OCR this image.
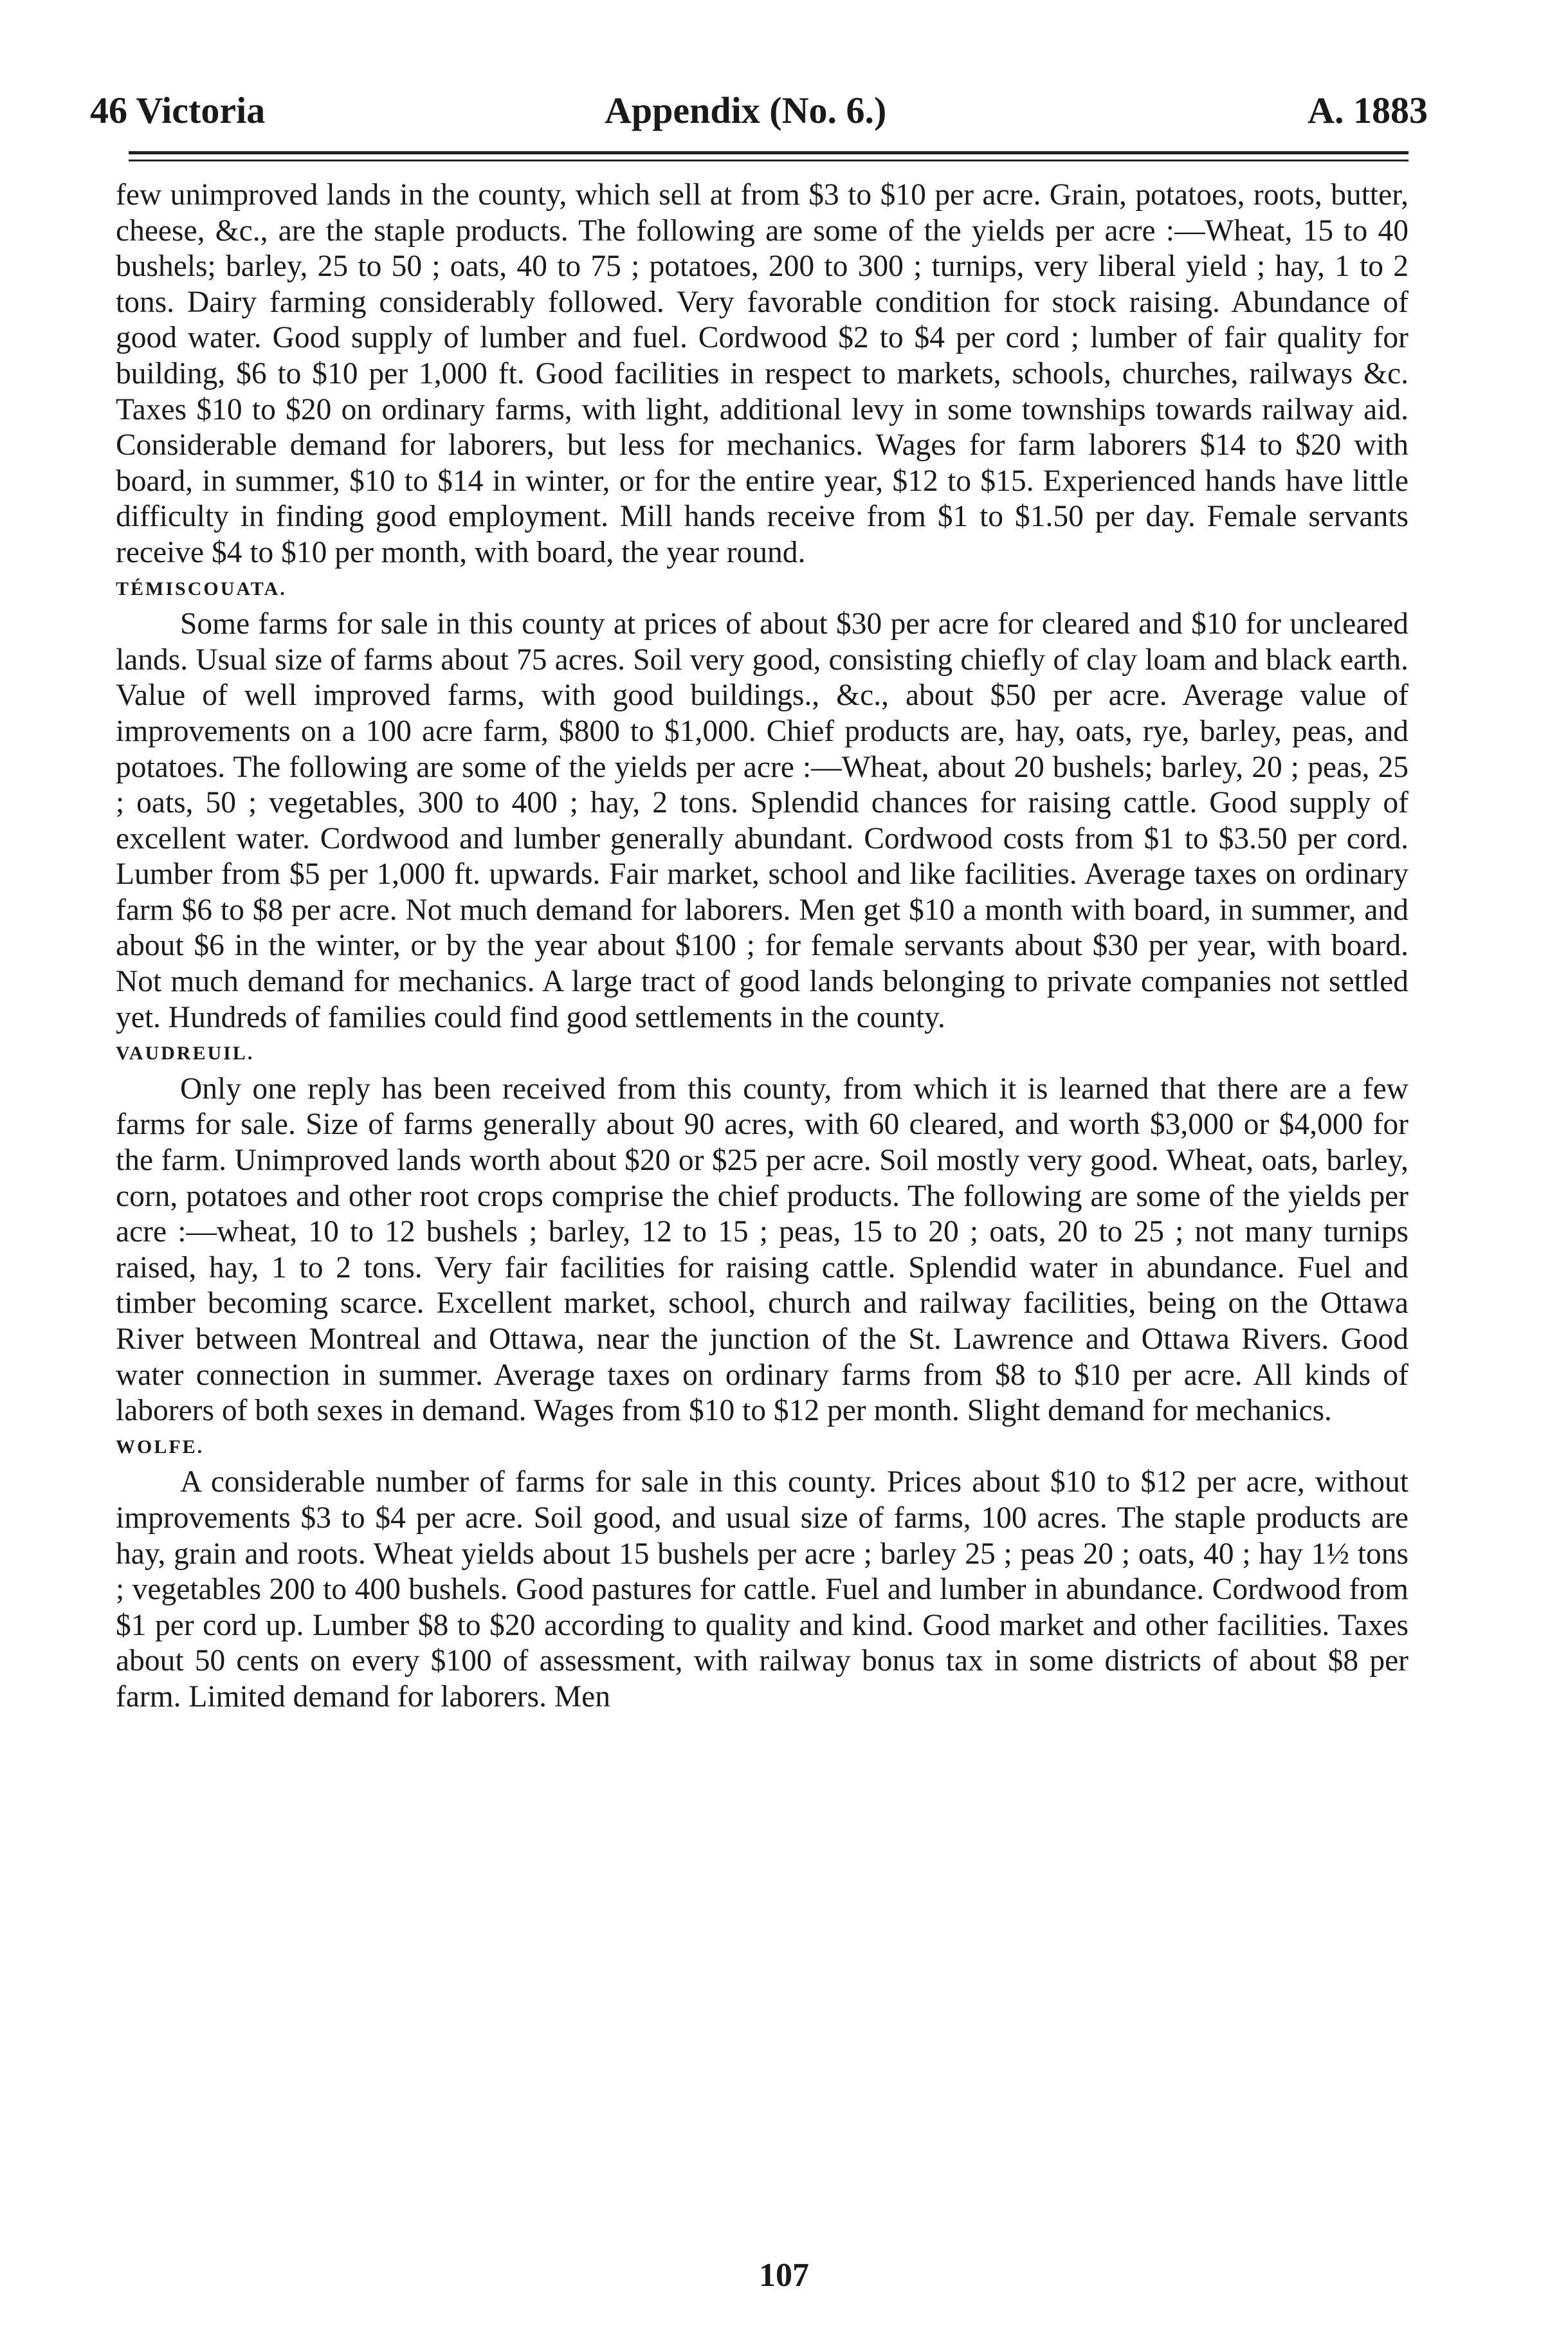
46 Victoria	Appendix (No. 6.)	A. 1883

few unimproved lands in the county, which sell at from $3 to $10 per acre. Grain, potatoes, roots, butter, cheese, &c., are the staple products. The following are some of the yields per acre :—Wheat, 15 to 40 bushels; barley, 25 to 50 ; oats, 40 to 75 ; potatoes, 200 to 300 ; turnips, very liberal yield ; hay, 1 to 2 tons. Dairy farming considerably followed. Very favorable condition for stock raising. Abundance of good water. Good supply of lumber and fuel. Cordwood $2 to $4 per cord ; lumber of fair quality for building, $6 to $10 per 1,000 ft. Good facilities in respect to markets, schools, churches, railways &c. Taxes $10 to $20 on ordinary farms, with light, additional levy in some townships towards railway aid. Considerable demand for laborers, but less for mechanics. Wages for farm laborers $14 to $20 with board, in summer, $10 to $14 in winter, or for the entire year, $12 to $15. Experienced hands have little difficulty in finding good employment. Mill hands receive from $1 to $1.50 per day. Female servants receive $4 to $10 per month, with board, the year round.

TÉMISCOUATA.

Some farms for sale in this county at prices of about $30 per acre for cleared and $10 for uncleared lands. Usual size of farms about 75 acres. Soil very good, consisting chiefly of clay loam and black earth. Value of well improved farms, with good buildings., &c., about $50 per acre. Average value of improvements on a 100 acre farm, $800 to $1,000. Chief products are, hay, oats, rye, barley, peas, and potatoes. The following are some of the yields per acre :—Wheat, about 20 bushels; barley, 20 ; peas, 25 ; oats, 50 ; vegetables, 300 to 400 ; hay, 2 tons. Splendid chances for raising cattle. Good supply of excellent water. Cordwood and lumber generally abundant. Cordwood costs from $1 to $3.50 per cord. Lumber from $5 per 1,000 ft. upwards. Fair market, school and like facilities. Average taxes on ordinary farm $6 to $8 per acre. Not much demand for laborers. Men get $10 a month with board, in summer, and about $6 in the winter, or by the year about $100 ; for female servants about $30 per year, with board. Not much demand for mechanics. A large tract of good lands belonging to private companies not settled yet. Hundreds of families could find good settlements in the county.

VAUDREUIL.

Only one reply has been received from this county, from which it is learned that there are a few farms for sale. Size of farms generally about 90 acres, with 60 cleared, and worth $3,000 or $4,000 for the farm. Unimproved lands worth about $20 or $25 per acre. Soil mostly very good. Wheat, oats, barley, corn, potatoes and other root crops comprise the chief products. The following are some of the yields per acre :—wheat, 10 to 12 bushels ; barley, 12 to 15 ; peas, 15 to 20 ; oats, 20 to 25 ; not many turnips raised, hay, 1 to 2 tons. Very fair facilities for raising cattle. Splendid water in abundance. Fuel and timber becoming scarce. Excellent market, school, church and railway facilities, being on the Ottawa River between Montreal and Ottawa, near the junction of the St. Lawrence and Ottawa Rivers. Good water connection in summer. Average taxes on ordinary farms from $8 to $10 per acre. All kinds of laborers of both sexes in demand. Wages from $10 to $12 per month. Slight demand for mechanics.

WOLFE.

A considerable number of farms for sale in this county. Prices about $10 to $12 per acre, without improvements $3 to $4 per acre. Soil good, and usual size of farms, 100 acres. The staple products are hay, grain and roots. Wheat yields about 15 bushels per acre ; barley 25 ; peas 20 ; oats, 40 ; hay 1½ tons ; vegetables 200 to 400 bushels. Good pastures for cattle. Fuel and lumber in abundance. Cordwood from $1 per cord up. Lumber $8 to $20 according to quality and kind. Good market and other facilities. Taxes about 50 cents on every $100 of assessment, with railway bonus tax in some districts of about $8 per farm. Limited demand for laborers. Men

107
